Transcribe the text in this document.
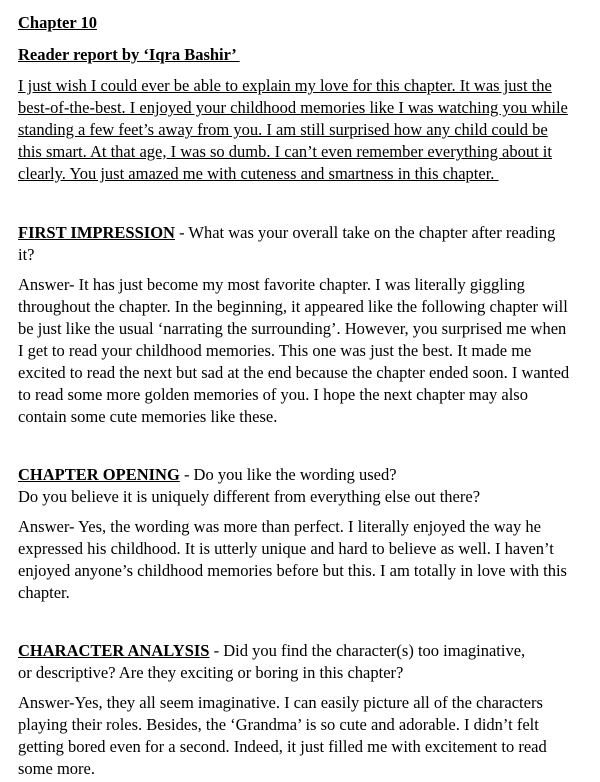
Chapter 10

Reader report by ‘Iqra Bashir’

I just wish I could ever be able to explain my love for this chapter. It was just the
best-of-the-best. I enjoyed your childhood memories like I was watching you while
standing a few feet’s away from you. I am still surprised how any child could be
this smart. At that age, I was so dumb. I can’t even remember everything about it
clearly. You just amazed me with cuteness and smartness in this chapter.

FIRST IMPRESSION - What was your overall take on the chapter after reading
it?

Answer- It has just become my most favorite chapter. I was literally giggling
throughout the chapter. In the beginning, it appeared like the following chapter will
be just like the usual ‘narrating the surrounding’. However, you surprised me when
I get to read your childhood memories. This one was just the best. It made me
excited to read the next but sad at the end because the chapter ended soon. I wanted
to read some more golden memories of you. I hope the next chapter may also
contain some cute memories like these.

CHAPTER OPENING - Do you like the wording used?
Do you believe it is uniquely different from everything else out there?

Answer- Yes, the wording was more than perfect. I literally enjoyed the way he
expressed his childhood. It is utterly unique and hard to believe as well. I haven’t
enjoyed anyone’s childhood memories before but this. I am totally in love with this
chapter.

CHARACTER ANALYSIS - Did you find the character(s) too imaginative,
or descriptive? Are they exciting or boring in this chapter?

Answer-Yes, they all seem imaginative. I can easily picture all of the characters
playing their roles. Besides, the ‘Grandma’ is so cute and adorable. I didn’t felt
getting bored even for a second. Indeed, it just filled me with excitement to read
some more.
